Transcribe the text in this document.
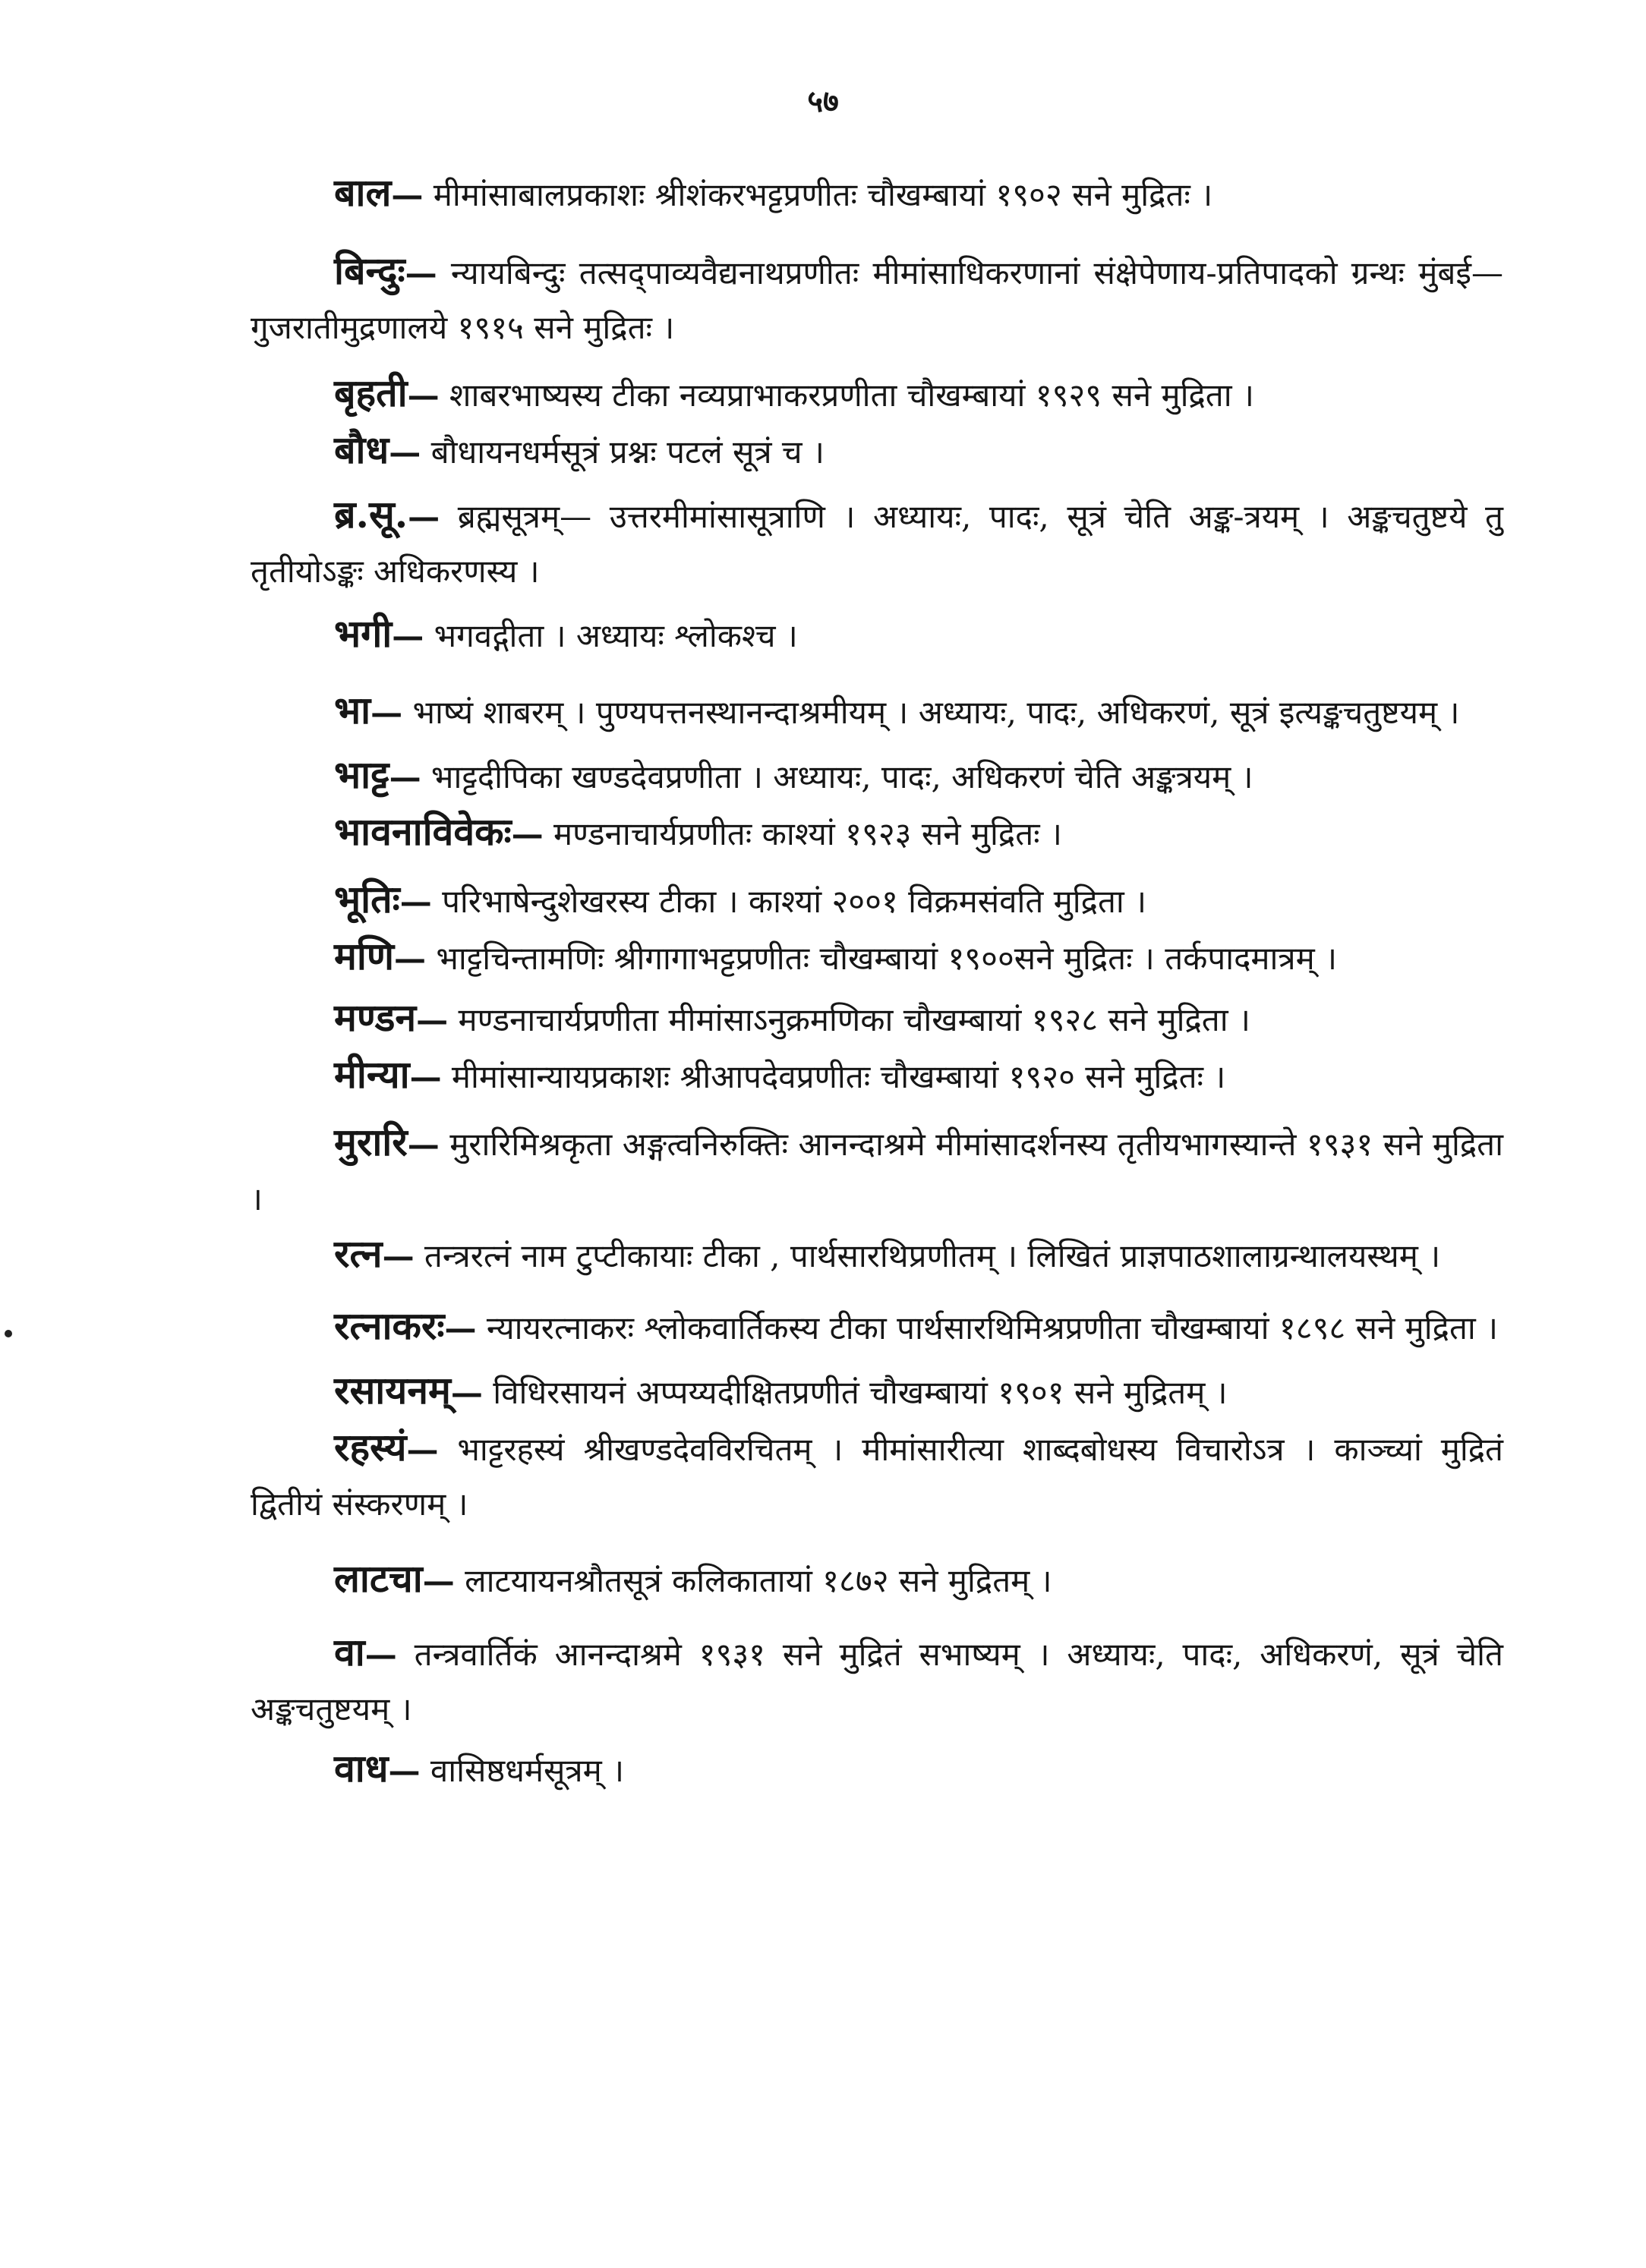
५७

बाल— मीमांसाबालप्रकाशः श्रीशंकरभट्टप्रणीतः चौखम्बायां १९०२ सने मुद्रितः ।

बिन्दुः— न्यायबिन्दुः तत्सद्‌पाव्यवैद्यनाथप्रणीतः मीमांसाधिकरणानां संक्षेपेणाय-प्रतिपादको ग्रन्थः मुंबई—गुजरातीमुद्रणालये १९१५ सने मुद्रितः ।

बृहती— शाबरभाष्यस्य टीका नव्यप्राभाकरप्रणीता चौखम्बायां १९२९ सने मुद्रिता ।

बौध— बौधायनधर्मसूत्रं प्रश्नः पटलं सूत्रं च ।

ब्र.सू.— ब्रह्मसूत्रम्— उत्तरमीमांसासूत्राणि । अध्यायः, पादः, सूत्रं चेति अङ्क-त्रयम् । अङ्कचतुष्टये तु तृतीयोऽङ्कः अधिकरणस्य ।

भगी— भगवद्गीता । अध्यायः श्लोकश्च ।

भा— भाष्यं शाबरम् । पुण्यपत्तनस्थानन्दाश्रमीयम् । अध्यायः, पादः, अधिकरणं, सूत्रं इत्यङ्कचतुष्टयम् ।

भाट्ट— भाट्टदीपिका खण्डदेवप्रणीता । अध्यायः, पादः, अधिकरणं चेति अङ्कत्रयम् ।

भावनाविवेकः— मण्डनाचार्यप्रणीतः काश्यां १९२३ सने मुद्रितः ।

भूतिः— परिभाषेन्दुशेखरस्य टीका । काश्यां २००१ विक्रमसंवति मुद्रिता ।

मणि— भाट्टचिन्तामणिः श्रीगागाभट्टप्रणीतः चौखम्बायां १९००सने मुद्रितः । तर्कपादमात्रम् ।

मण्डन— मण्डनाचार्यप्रणीता मीमांसाऽनुक्रमणिका चौखम्बायां १९२८ सने मुद्रिता ।

मीन्या— मीमांसान्यायप्रकाशः श्रीआपदेवप्रणीतः चौखम्बायां १९२० सने मुद्रितः ।

मुरारि— मुरारिमिश्रकृता अङ्गत्वनिरुक्तिः आनन्दाश्रमे मीमांसादर्शनस्य तृतीयभागस्यान्ते १९३१ सने मुद्रिता ।

रत्न— तन्त्ररत्नं नाम टुप्टीकायाः टीका , पार्थसारथिप्रणीतम् । लिखितं प्राज्ञपाठशालाग्रन्थालयस्थम् ।

रत्नाकरः— न्यायरत्नाकरः श्लोकवार्तिकस्य टीका पार्थसारथिमिश्रप्रणीता चौखम्बायां १८९८ सने मुद्रिता ।

रसायनम्— विधिरसायनं अप्पय्यदीक्षितप्रणीतं चौखम्बायां १९०१ सने मुद्रितम् ।

रहस्यं— भाट्टरहस्यं श्रीखण्डदेवविरचितम् । मीमांसारीत्या शाब्दबोधस्य विचारोऽत्र । काञ्च्यां मुद्रितं द्वितीयं संस्करणम् ।

लाटचा— लाटयायनश्रौतसूत्रं कलिकातायां १८७२ सने मुद्रितम् ।

वा— तन्त्रवार्तिकं आनन्दाश्रमे १९३१ सने मुद्रितं सभाष्यम् । अध्यायः, पादः, अधिकरणं, सूत्रं चेति अङ्कचतुष्टयम् ।

वाध— वासिष्ठधर्मसूत्रम् ।
